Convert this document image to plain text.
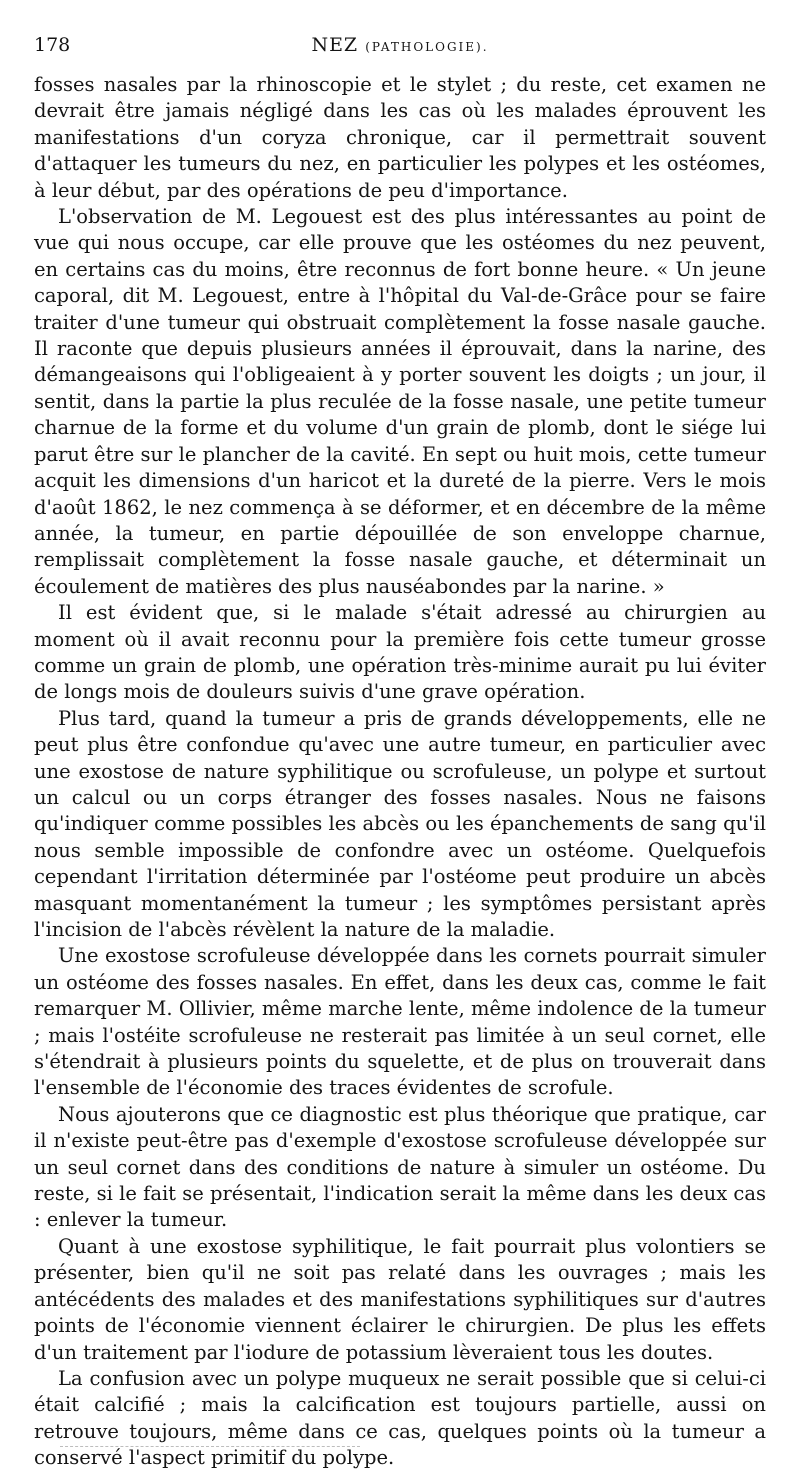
178	NEZ (PATHOLOGIE).

fosses nasales par la rhinoscopie et le stylet ; du reste, cet examen ne devrait être jamais négligé dans les cas où les malades éprouvent les manifestations d'un coryza chronique, car il permettrait souvent d'attaquer les tumeurs du nez, en particulier les polypes et les ostéomes, à leur début, par des opérations de peu d'importance.

L'observation de M. Legouest est des plus intéressantes au point de vue qui nous occupe, car elle prouve que les ostéomes du nez peuvent, en certains cas du moins, être reconnus de fort bonne heure. « Un jeune caporal, dit M. Legouest, entre à l'hôpital du Val-de-Grâce pour se faire traiter d'une tumeur qui obstruait complètement la fosse nasale gauche. Il raconte que depuis plusieurs années il éprouvait, dans la narine, des démangeaisons qui l'obligeaient à y porter souvent les doigts ; un jour, il sentit, dans la partie la plus reculée de la fosse nasale, une petite tumeur charnue de la forme et du volume d'un grain de plomb, dont le siége lui parut être sur le plancher de la cavité. En sept ou huit mois, cette tumeur acquit les dimensions d'un haricot et la dureté de la pierre. Vers le mois d'août 1862, le nez commença à se déformer, et en décembre de la même année, la tumeur, en partie dépouillée de son enveloppe charnue, remplissait complètement la fosse nasale gauche, et déterminait un écoulement de matières des plus nauséabondes par la narine. »

Il est évident que, si le malade s'était adressé au chirurgien au moment où il avait reconnu pour la première fois cette tumeur grosse comme un grain de plomb, une opération très-minime aurait pu lui éviter de longs mois de douleurs suivis d'une grave opération.

Plus tard, quand la tumeur a pris de grands développements, elle ne peut plus être confondue qu'avec une autre tumeur, en particulier avec une exostose de nature syphilitique ou scrofuleuse, un polype et surtout un calcul ou un corps étranger des fosses nasales. Nous ne faisons qu'indiquer comme possibles les abcès ou les épanchements de sang qu'il nous semble impossible de confondre avec un ostéome. Quelquefois cependant l'irritation déterminée par l'ostéome peut produire un abcès masquant momentanément la tumeur ; les symptômes persistant après l'incision de l'abcès révèlent la nature de la maladie.

Une exostose scrofuleuse développée dans les cornets pourrait simuler un ostéome des fosses nasales. En effet, dans les deux cas, comme le fait remarquer M. Ollivier, même marche lente, même indolence de la tumeur ; mais l'ostéite scrofuleuse ne resterait pas limitée à un seul cornet, elle s'étendrait à plusieurs points du squelette, et de plus on trouverait dans l'ensemble de l'économie des traces évidentes de scrofule.

Nous ajouterons que ce diagnostic est plus théorique que pratique, car il n'existe peut-être pas d'exemple d'exostose scrofuleuse développée sur un seul cornet dans des conditions de nature à simuler un ostéome. Du reste, si le fait se présentait, l'indication serait la même dans les deux cas : enlever la tumeur.

Quant à une exostose syphilitique, le fait pourrait plus volontiers se présenter, bien qu'il ne soit pas relaté dans les ouvrages ; mais les antécédents des malades et des manifestations syphilitiques sur d'autres points de l'économie viennent éclairer le chirurgien. De plus les effets d'un traitement par l'iodure de potassium lèveraient tous les doutes.

La confusion avec un polype muqueux ne serait possible que si celui-ci était calcifié ; mais la calcification est toujours partielle, aussi on retrouve toujours, même dans ce cas, quelques points où la tumeur a conservé l'aspect primitif du polype.
